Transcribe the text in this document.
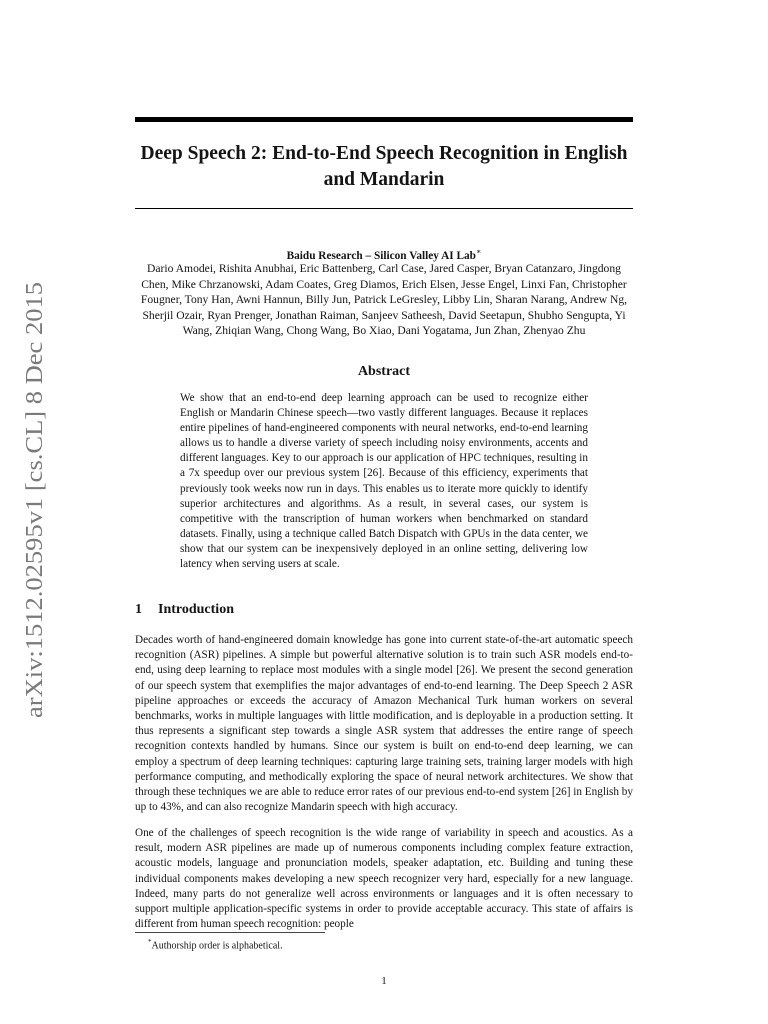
arXiv:1512.02595v1 [cs.CL] 8 Dec 2015
Deep Speech 2: End-to-End Speech Recognition in English and Mandarin
Baidu Research – Silicon Valley AI Lab∗
Dario Amodei, Rishita Anubhai, Eric Battenberg, Carl Case, Jared Casper, Bryan Catanzaro, Jingdong Chen, Mike Chrzanowski, Adam Coates, Greg Diamos, Erich Elsen, Jesse Engel, Linxi Fan, Christopher Fougner, Tony Han, Awni Hannun, Billy Jun, Patrick LeGresley, Libby Lin, Sharan Narang, Andrew Ng, Sherjil Ozair, Ryan Prenger, Jonathan Raiman, Sanjeev Satheesh, David Seetapun, Shubho Sengupta, Yi Wang, Zhiqian Wang, Chong Wang, Bo Xiao, Dani Yogatama, Jun Zhan, Zhenyao Zhu
Abstract

We show that an end-to-end deep learning approach can be used to recognize either English or Mandarin Chinese speech—two vastly different languages. Because it replaces entire pipelines of hand-engineered components with neural networks, end-to-end learning allows us to handle a diverse variety of speech including noisy environments, accents and different languages. Key to our approach is our application of HPC techniques, resulting in a 7x speedup over our previous system [26]. Because of this efficiency, experiments that previously took weeks now run in days. This enables us to iterate more quickly to identify superior architectures and algorithms. As a result, in several cases, our system is competitive with the transcription of human workers when benchmarked on standard datasets. Finally, using a technique called Batch Dispatch with GPUs in the data center, we show that our system can be inexpensively deployed in an online setting, delivering low latency when serving users at scale.

1 Introduction

Decades worth of hand-engineered domain knowledge has gone into current state-of-the-art automatic speech recognition (ASR) pipelines. A simple but powerful alternative solution is to train such ASR models end-to-end, using deep learning to replace most modules with a single model [26]. We present the second generation of our speech system that exemplifies the major advantages of end-to-end learning. The Deep Speech 2 ASR pipeline approaches or exceeds the accuracy of Amazon Mechanical Turk human workers on several benchmarks, works in multiple languages with little modification, and is deployable in a production setting. It thus represents a significant step towards a single ASR system that addresses the entire range of speech recognition contexts handled by humans. Since our system is built on end-to-end deep learning, we can employ a spectrum of deep learning techniques: capturing large training sets, training larger models with high performance computing, and methodically exploring the space of neural network architectures. We show that through these techniques we are able to reduce error rates of our previous end-to-end system [26] in English by up to 43%, and can also recognize Mandarin speech with high accuracy.

One of the challenges of speech recognition is the wide range of variability in speech and acoustics. As a result, modern ASR pipelines are made up of numerous components including complex feature extraction, acoustic models, language and pronunciation models, speaker adaptation, etc. Building and tuning these individual components makes developing a new speech recognizer very hard, especially for a new language. Indeed, many parts do not generalize well across environments or languages and it is often necessary to support multiple application-specific systems in order to provide acceptable accuracy. This state of affairs is different from human speech recognition: people

*Authorship order is alphabetical.
1
